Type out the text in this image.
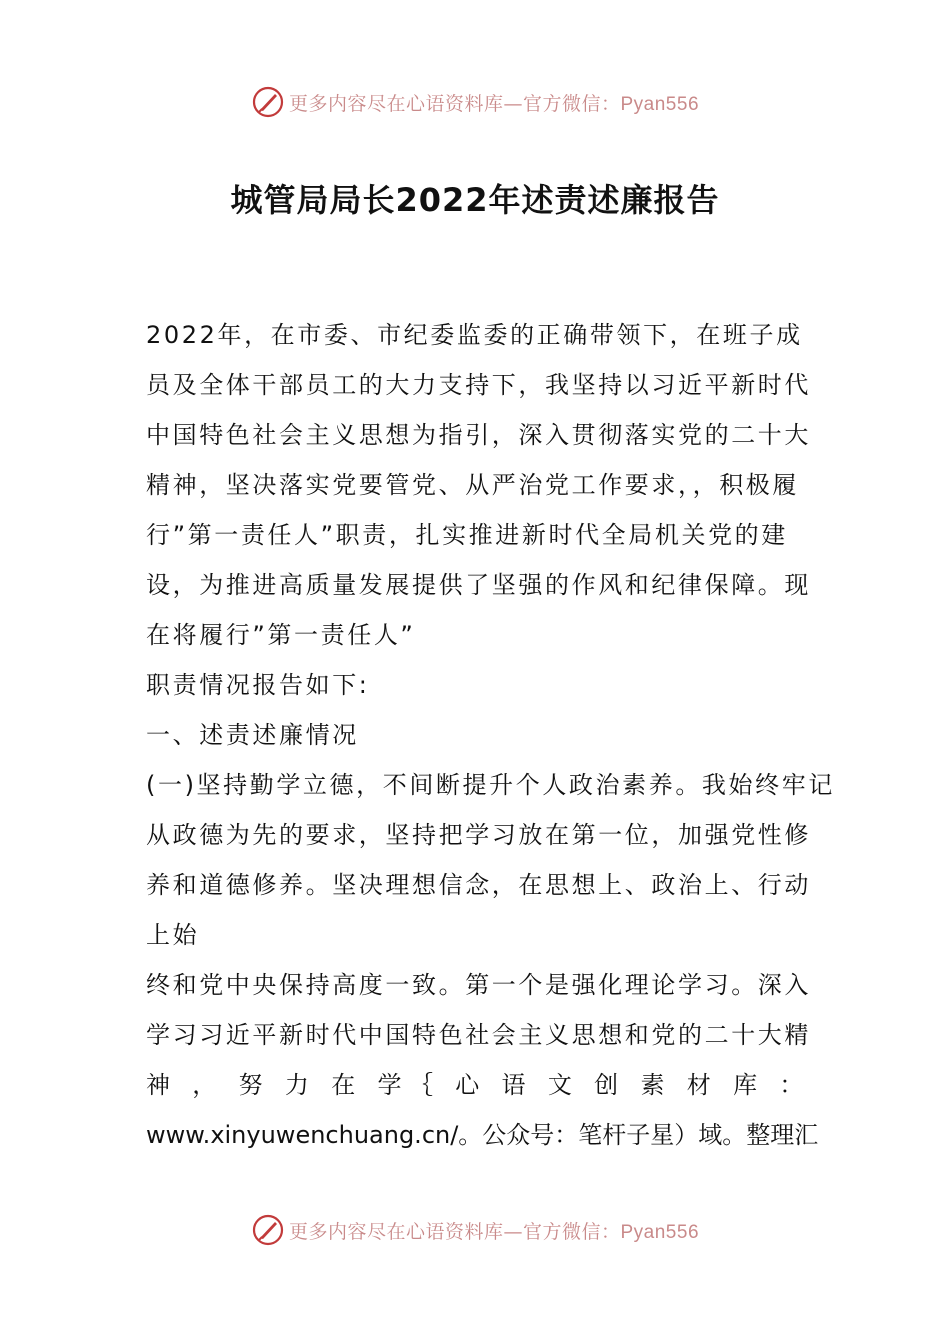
更多内容尽在心语资料库—官方微信：Pyan556
城管局局长2022年述责述廉报告
2022年，在市委、市纪委监委的正确带领下，在班子成
员及全体干部员工的大力支持下，我坚持以习近平新时代
中国特色社会主义思想为指引，深入贯彻落实党的二十大
精神，坚决落实党要管党、从严治党工作要求，，积极履
行”第一责任人”职责，扎实推进新时代全局机关党的建
设，为推进高质量发展提供了坚强的作风和纪律保障。现
在将履行”第一责任人”
职责情况报告如下:
一、述责述廉情况
(一)坚持勤学立德，不间断提升个人政治素养。我始终牢记
从政德为先的要求，坚持把学习放在第一位，加强党性修
养和道德修养。坚决理想信念，在思想上、政治上、行动
上始
终和党中央保持高度一致。第一个是强化理论学习。深入
学习习近平新时代中国特色社会主义思想和党的二十大精
神 ， 努 力 在 学｛ 心 语 文 创 素 材 库 ：
www.xinyuwenchuang.cn/。公众号：笔杆子星）域。整理汇
更多内容尽在心语资料库—官方微信：Pyan556
